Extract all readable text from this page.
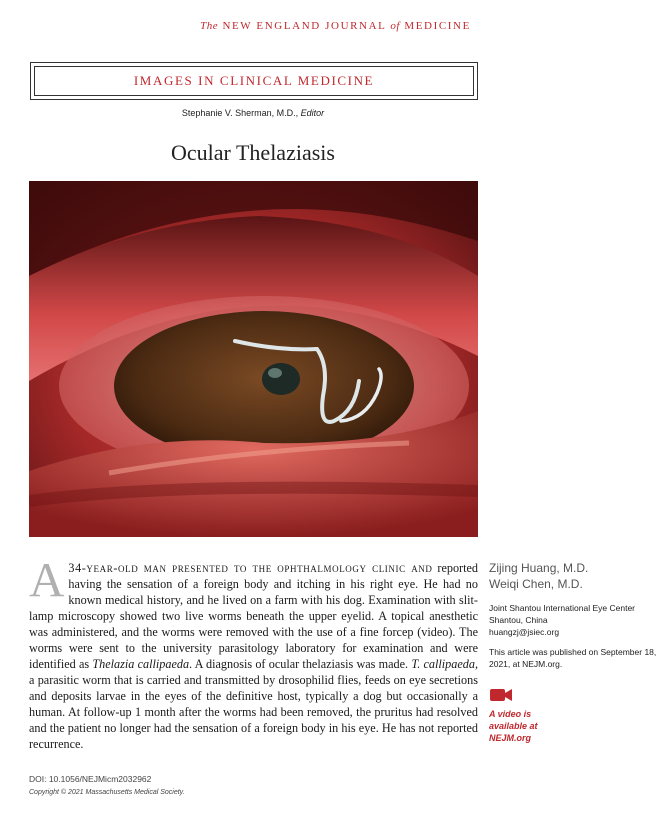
The NEW ENGLAND JOURNAL of MEDICINE
IMAGES IN CLINICAL MEDICINE
Stephanie V. Sherman, M.D., Editor
Ocular Thelaziasis
A 34-year-old man presented to the ophthalmology clinic and reported having the sensation of a foreign body and itching in his right eye. He had no known medical history, and he lived on a farm with his dog. Examination with slit-lamp microscopy showed two live worms beneath the upper eyelid. A topical anesthetic was administered, and the worms were removed with the use of a fine forcep (video). The worms were sent to the university parasitology laboratory for examination and were identified as Thelazia callipaeda. A diagnosis of ocular thelaziasis was made. T. callipaeda, a parasitic worm that is carried and transmitted by drosophilid flies, feeds on eye secretions and deposits larvae in the eyes of the definitive host, typically a dog but occasionally a human. At follow-up 1 month after the worms had been removed, the pruritus had resolved and the patient no longer had the sensation of a foreign body in his eye. He has not reported recurrence.
DOI: 10.1056/NEJMicm2032962
Copyright © 2021 Massachusetts Medical Society.
Zijing Huang, M.D.
Weiqi Chen, M.D.
Joint Shantou International Eye Center
Shantou, China
huangzj@jsiec.org
This article was published on September 18, 2021, at NEJM.org.
A video is
available at
NEJM.org
